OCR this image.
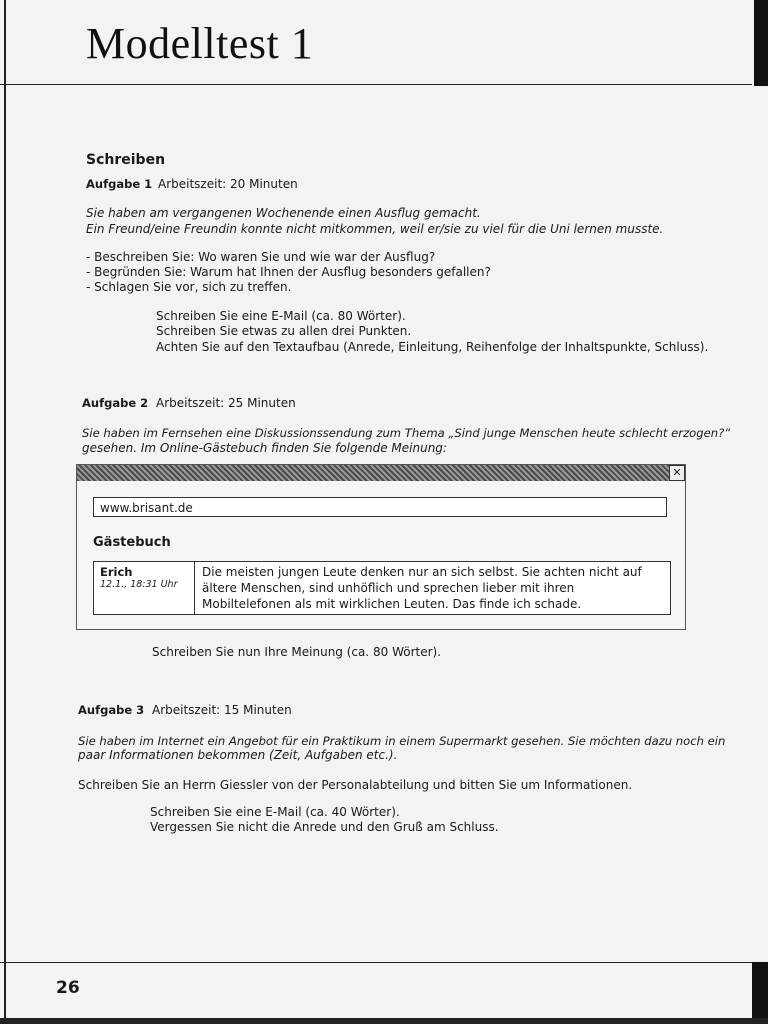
Modelltest 1
Schreiben
Aufgabe 1 Arbeitszeit: 20 Minuten
Sie haben am vergangenen Wochenende einen Ausflug gemacht.
Ein Freund/eine Freundin konnte nicht mitkommen, weil er/sie zu viel für die Uni lernen musste.
- Beschreiben Sie: Wo waren Sie und wie war der Ausflug?
- Begründen Sie: Warum hat Ihnen der Ausflug besonders gefallen?
- Schlagen Sie vor, sich zu treffen.
Schreiben Sie eine E-Mail (ca. 80 Wörter).
Schreiben Sie etwas zu allen drei Punkten.
Achten Sie auf den Textaufbau (Anrede, Einleitung, Reihenfolge der Inhaltspunkte, Schluss).
Aufgabe 2 Arbeitszeit: 25 Minuten
Sie haben im Fernsehen eine Diskussionssendung zum Thema „Sind junge Menschen heute schlecht erzogen?“
gesehen. Im Online-Gästebuch finden Sie folgende Meinung:
✕
www.brisant.de
Gästebuch
Erich
12.1., 18:31 Uhr
Die meisten jungen Leute denken nur an sich selbst. Sie achten nicht auf ältere Menschen, sind unhöflich und sprechen lieber mit ihren Mobiltelefonen als mit wirklichen Leuten. Das finde ich schade.
Schreiben Sie nun Ihre Meinung (ca. 80 Wörter).
Aufgabe 3 Arbeitszeit: 15 Minuten
Sie haben im Internet ein Angebot für ein Praktikum in einem Supermarkt gesehen. Sie möchten dazu noch ein
paar Informationen bekommen (Zeit, Aufgaben etc.).
Schreiben Sie an Herrn Giessler von der Personalabteilung und bitten Sie um Informationen.
Schreiben Sie eine E-Mail (ca. 40 Wörter).
Vergessen Sie nicht die Anrede und den Gruß am Schluss.
26
